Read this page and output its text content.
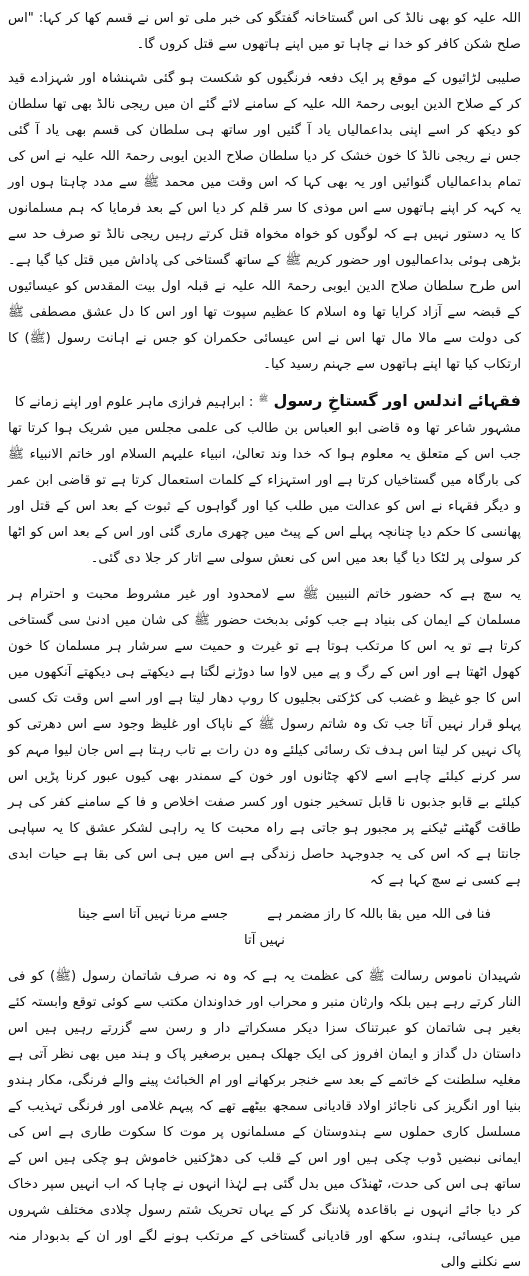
اللہ علیہ کو بھی نالڈ کی اس گستاخانہ گفتگو کی خبر ملی تو اس نے قسم کھا کر کہا: "اس صلح شکن کافر کو خدا نے چاہا تو میں اپنے ہاتھوں سے قتل کروں گا۔

صلیبی لڑائیوں کے موقع پر ایک دفعہ فرنگیوں کو شکست ہو گئی شہنشاہ اور شہزادے قید کر کے صلاح الدین ایوبی رحمۃ اللہ علیہ کے سامنے لائے گئے ان میں ریجی نالڈ بھی تھا سلطان کو دیکھ کر اسے اپنی بداعمالیاں یاد آ گئیں اور ساتھ ہی سلطان کی قسم بھی یاد آ گئی جس نے ریجی نالڈ کا خون خشک کر دیا سلطان صلاح الدین ایوبی رحمۃ اللہ علیہ نے اس کی تمام بداعمالیاں گنوائیں اور یہ بھی کہا کہ اس وقت میں محمد ﷺ سے مدد چاہتا ہوں اور یہ کہہ کر اپنے ہاتھوں سے اس موذی کا سر قلم کر دیا اس کے بعد فرمایا کہ ہم مسلمانوں کا یہ دستور نہیں ہے کہ لوگوں کو خواہ مخواہ قتل کرتے رہیں ریجی نالڈ تو صرف حد سے بڑھی ہوئی بداعمالیوں اور حضور کریم ﷺ کے ساتھ گستاخی کی پاداش میں قتل کیا گیا ہے۔ اس طرح سلطان صلاح الدین ایوبی رحمۃ اللہ علیہ نے قبلہ اول بیت المقدس کو عیسائیوں کے قبضہ سے آزاد کرایا تھا وہ اسلام کا عظیم سپوت تھا اور اس کا دل عشق مصطفی ﷺ کی دولت سے مالا مال تھا اس نے اس عیسائی حکمران کو جس نے اہانت رسول (ﷺ) کا ارتکاب کیا تھا اپنے ہاتھوں سے جہنم رسید کیا۔

فقہائے اندلس اور گستاخِ رسول ﷺ : ابراہیم فرازی ماہر علوم اور اپنے زمانے کا

مشہور شاعر تھا وہ قاضی ابو العباس بن طالب کی علمی مجلس میں شریک ہوا کرتا تھا جب اس کے متعلق یہ معلوم ہوا کہ خدا وند تعالیٰ، انبیاء علیہم السلام اور خاتم الانبیاء ﷺ کی بارگاہ میں گستاخیاں کرتا ہے اور استہزاء کے کلمات استعمال کرتا ہے تو قاضی ابن عمر و دیگر فقہاء نے اس کو عدالت میں طلب کیا اور گواہوں کے ثبوت کے بعد اس کے قتل اور پھانسی کا حکم دیا چنانچہ پہلے اس کے پیٹ میں چھری ماری گئی اور اس کے بعد اس کو اٹھا کر سولی پر لٹکا دیا گیا بعد میں اس کی نعش سولی سے اتار کر جلا دی گئی۔

یہ سچ ہے کہ حضور خاتم النبیین ﷺ سے لامحدود اور غیر مشروط محبت و احترام ہر مسلمان کے ایمان کی بنیاد ہے جب کوئی بدبخت حضور ﷺ کی شان میں ادنیٰ سی گستاخی کرتا ہے تو یہ اس کا مرتکب ہوتا ہے تو غیرت و حمیت سے سرشار ہر مسلمان کا خون کھول اٹھتا ہے اور اس کے رگ و پے میں لاوا سا دوڑنے لگتا ہے دیکھتے ہی دیکھتے آنکھوں میں اس کا جو غیظ و غضب کی کڑکتی بجلیوں کا روپ دھار لیتا ہے اور اسے اس وقت تک کسی پہلو قرار نہیں آتا جب تک وہ شاتم رسول ﷺ کے ناپاک اور غلیظ وجود سے اس دھرتی کو پاک نہیں کر لیتا اس ہدف تک رسائی کیلئے وہ دن رات بے تاب رہتا ہے اس جان لیوا مہم کو سر کرنے کیلئے چاہے اسے لاکھ چٹانوں اور خون کے سمندر بھی کیوں عبور کرنا پڑیں اس کیلئے بے قابو جذبوں نا قابل تسخیر جنوں اور کسر صفت اخلاص و فا کے سامنے کفر کی ہر طاقت گھٹنے ٹیکنے پر مجبور ہو جاتی ہے راہ محبت کا یہ راہی لشکر عشق کا یہ سپاہی جانتا ہے کہ اس کی یہ جدوجہد حاصل زندگی ہے اس میں ہی اس کی بقا ہے حیات ابدی ہے کسی نے سچ کہا ہے کہ

فنا فی اللہ میں بقا باللہ کا راز مضمر ہے
جسے مرنا نہیں آتا اسے جینا

نہیں آتا

شہیدان ناموس رسالت ﷺ کی عظمت یہ ہے کہ وہ نہ صرف شاتمان رسول (ﷺ) کو فی النار کرتے رہے ہیں بلکہ وارثان منبر و محراب اور خداوندان مکتب سے کوئی توقع وابستہ کئے بغیر ہی شاتمان کو عبرتناک سزا دیکر مسکراتے دار و رسن سے گزرتے رہیں ہیں اس داستان دل گداز و ایمان افروز کی ایک جھلک ہمیں برصغیر پاک و ہند میں بھی نظر آتی ہے مغلیہ سلطنت کے خاتمے کے بعد سے خنجر برکھانے اور ام الخبائث پینے والے فرنگی، مکار ہندو بنیا اور انگریز کی ناجائز اولاد قادیانی سمجھ بیٹھے تھے کہ پیہم غلامی اور فرنگی تہذیب کے مسلسل کاری حملوں سے ہندوستان کے مسلمانوں پر موت کا سکوت طاری ہے اس کی ایمانی نبضیں ڈوب چکی ہیں اور اس کے قلب کی دھڑکنیں خاموش ہو چکی ہیں اس کے ساتھ ہی اس کی حدت، ٹھنڈک میں بدل گئی ہے لہٰذا انہوں نے چاہا کہ اب انہیں سپر دخاک کر دیا جائے انہوں نے باقاعدہ پلاننگ کر کے یہاں تحریک شتم رسول چلادی مختلف شہروں میں عیسائی، ہندو، سکھ اور قادیانی گستاخی کے مرتکب ہونے لگے اور ان کے بدبودار منہ سے نکلنے والی
